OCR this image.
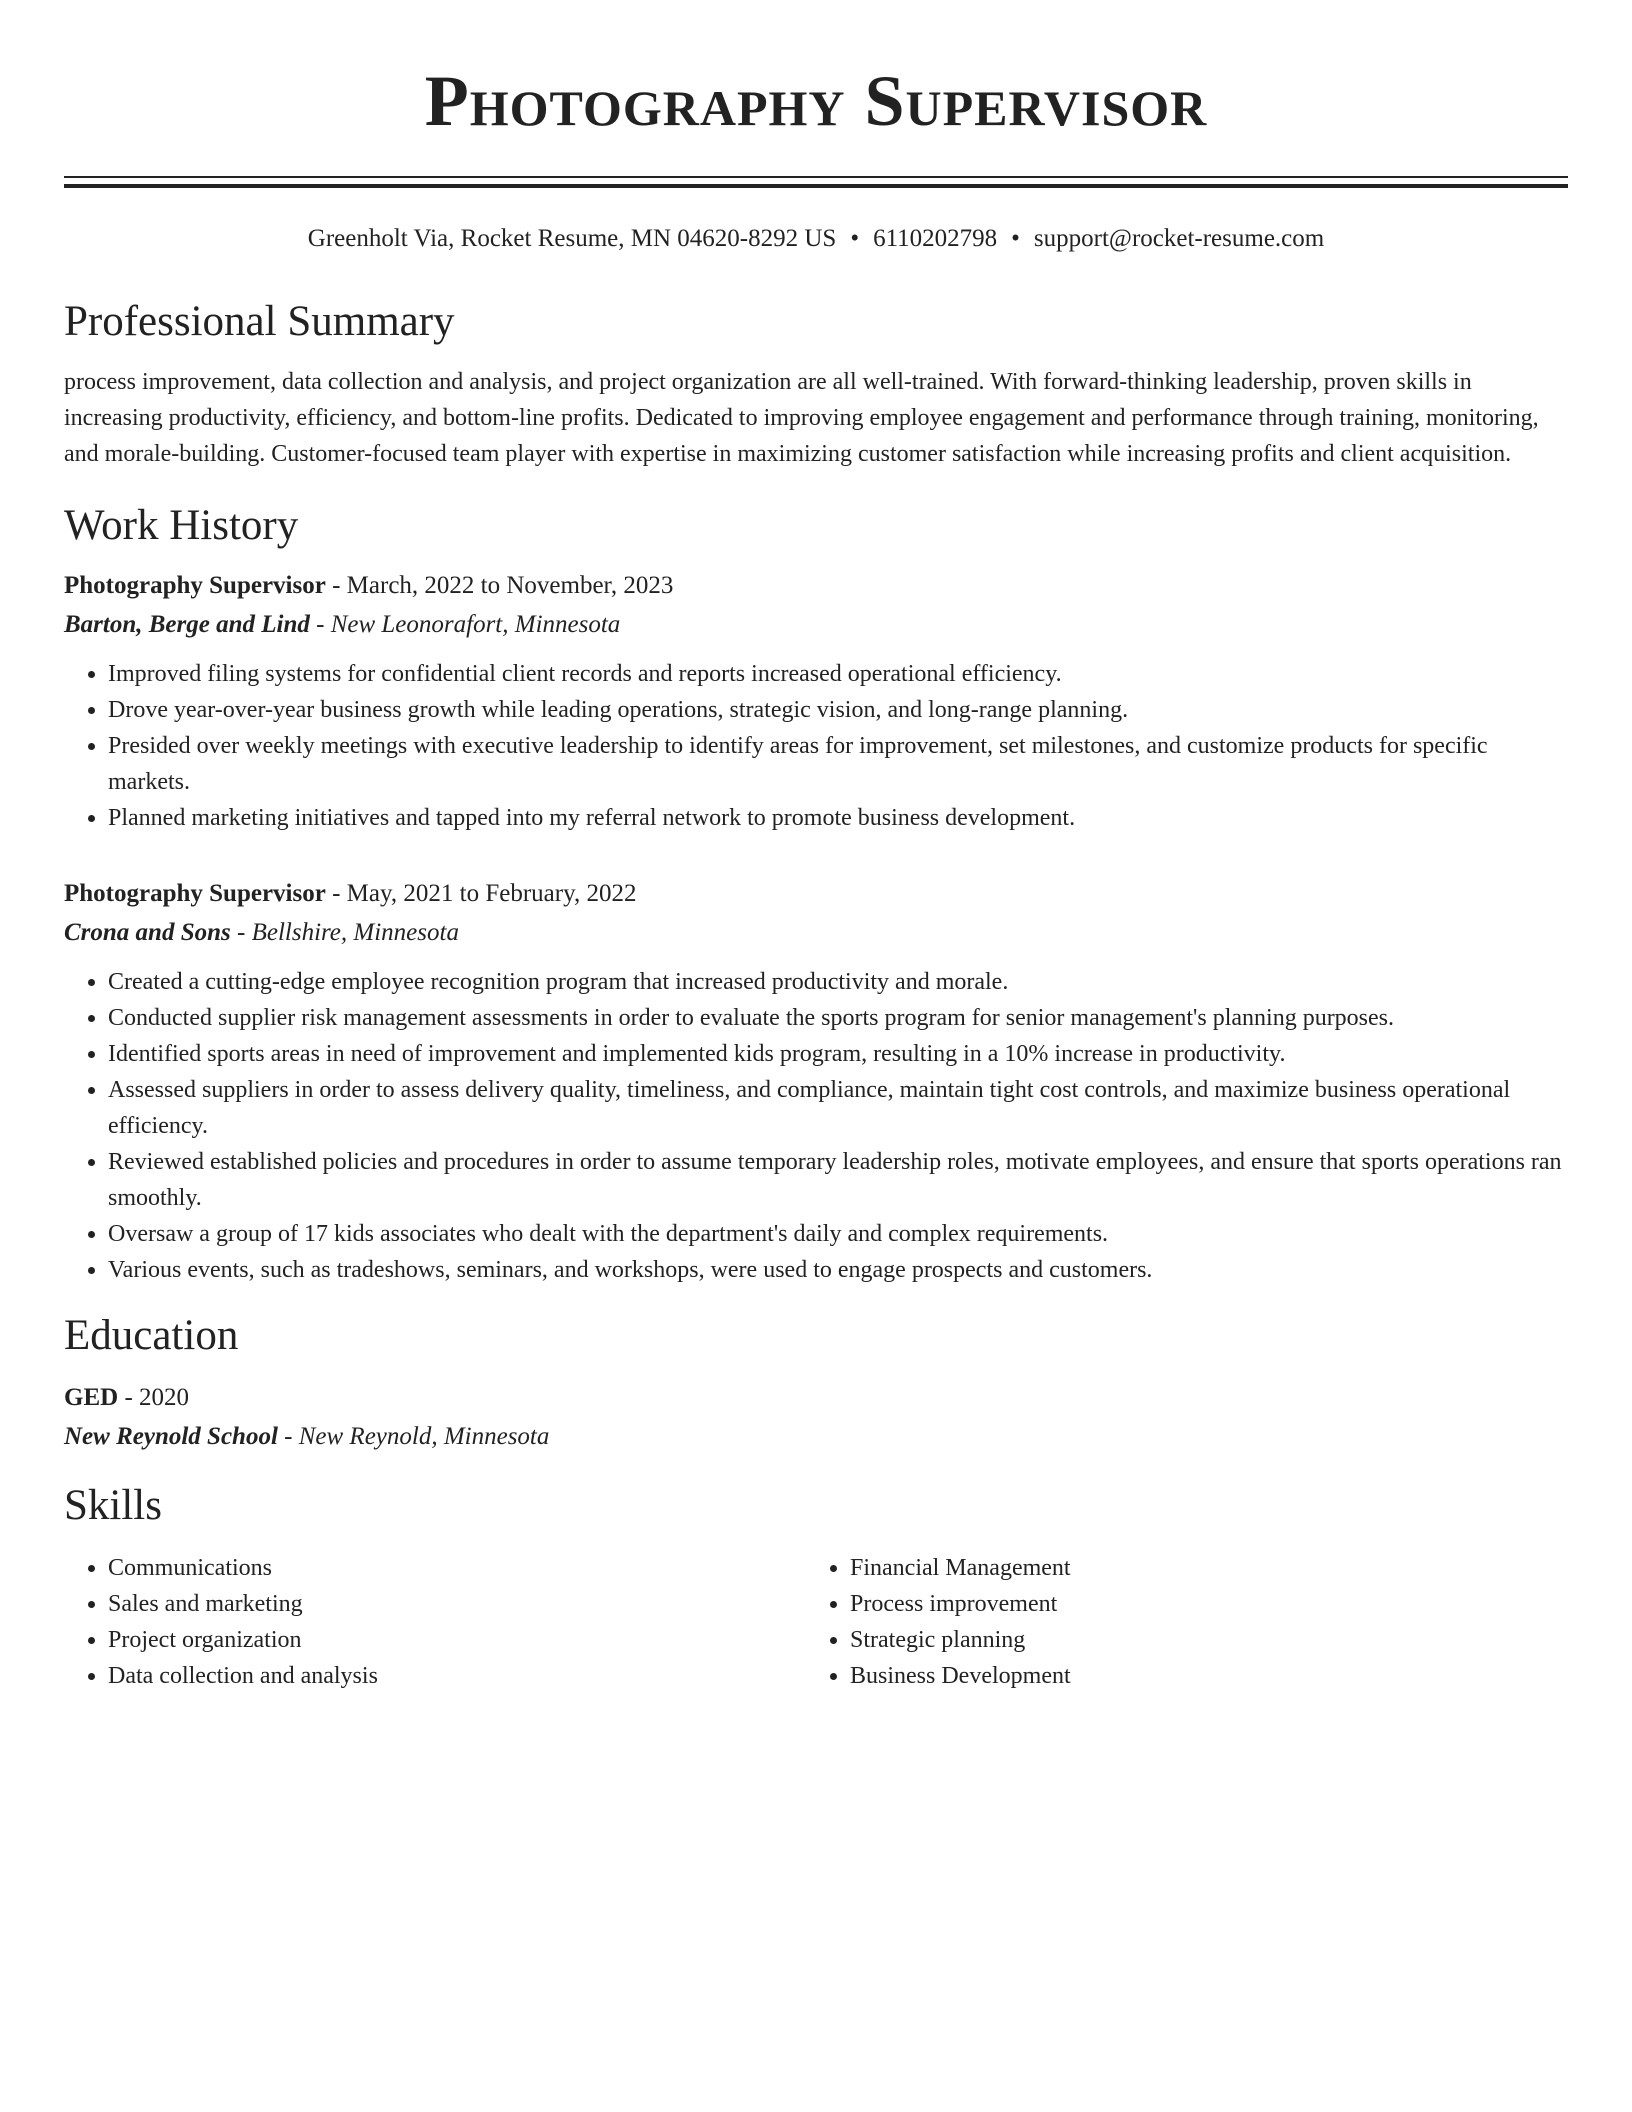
Photography Supervisor
Greenholt Via, Rocket Resume, MN 04620-8292 US • 6110202798 • support@rocket-resume.com
Professional Summary
process improvement, data collection and analysis, and project organization are all well-trained. With forward-thinking leadership, proven skills in increasing productivity, efficiency, and bottom-line profits. Dedicated to improving employee engagement and performance through training, monitoring, and morale-building. Customer-focused team player with expertise in maximizing customer satisfaction while increasing profits and client acquisition.
Work History
Photography Supervisor - March, 2022 to November, 2023
Barton, Berge and Lind - New Leonorafort, Minnesota
• Improved filing systems for confidential client records and reports increased operational efficiency.
• Drove year-over-year business growth while leading operations, strategic vision, and long-range planning.
• Presided over weekly meetings with executive leadership to identify areas for improvement, set milestones, and customize products for specific markets.
• Planned marketing initiatives and tapped into my referral network to promote business development.
Photography Supervisor - May, 2021 to February, 2022
Crona and Sons - Bellshire, Minnesota
• Created a cutting-edge employee recognition program that increased productivity and morale.
• Conducted supplier risk management assessments in order to evaluate the sports program for senior management's planning purposes.
• Identified sports areas in need of improvement and implemented kids program, resulting in a 10% increase in productivity.
• Assessed suppliers in order to assess delivery quality, timeliness, and compliance, maintain tight cost controls, and maximize business operational efficiency.
• Reviewed established policies and procedures in order to assume temporary leadership roles, motivate employees, and ensure that sports operations ran smoothly.
• Oversaw a group of 17 kids associates who dealt with the department's daily and complex requirements.
• Various events, such as tradeshows, seminars, and workshops, were used to engage prospects and customers.
Education
GED - 2020
New Reynold School - New Reynold, Minnesota
Skills
• Communications
• Sales and marketing
• Project organization
• Data collection and analysis
• Financial Management
• Process improvement
• Strategic planning
• Business Development
